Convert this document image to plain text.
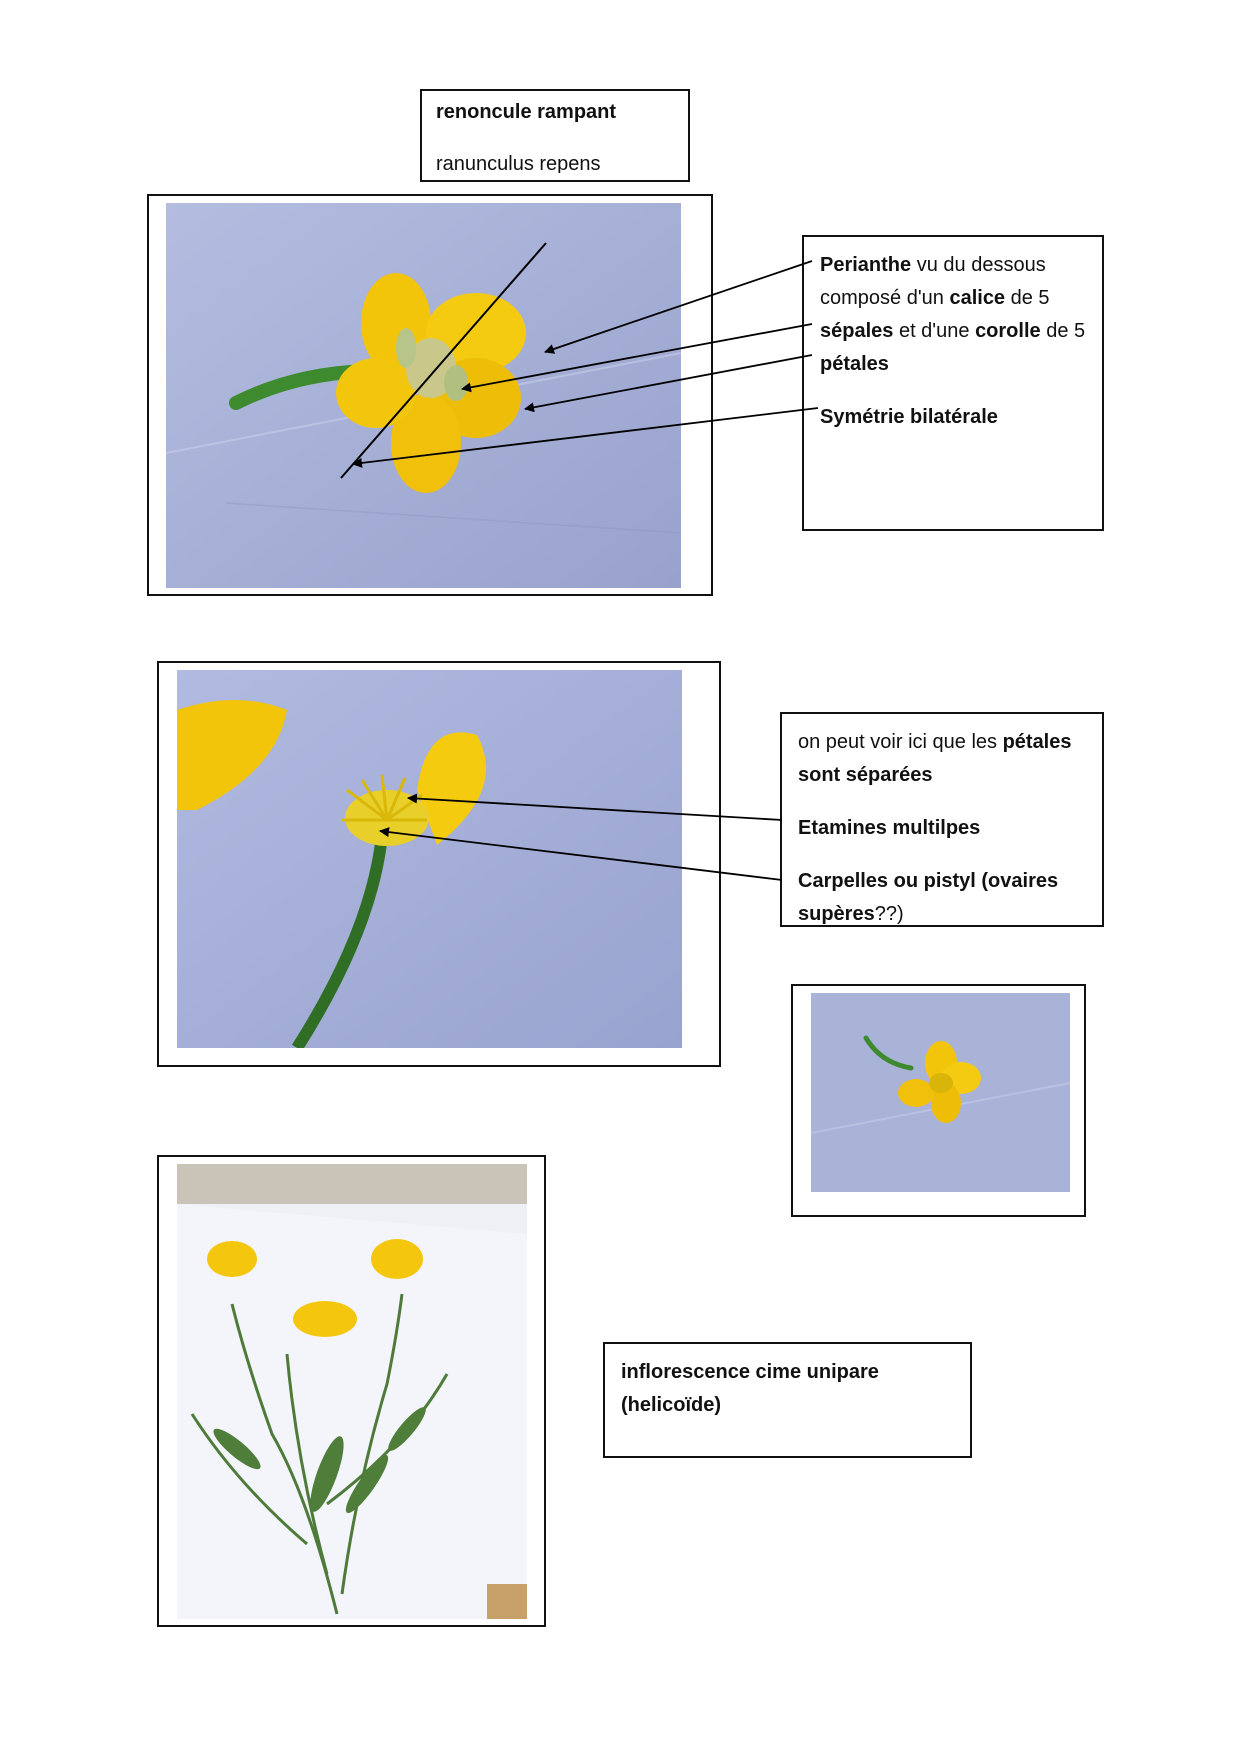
renoncule rampant

ranunculus repens

Perianthe vu du dessous

composé d'un calice de 5

sépales et d'une corolle de 5

pétales

Symétrie bilatérale

on peut voir ici que les pétales

sont séparées

Etamines multilpes

Carpelles ou pistyl (ovaires

supères??)

inflorescence cime unipare

(helicoïde)
